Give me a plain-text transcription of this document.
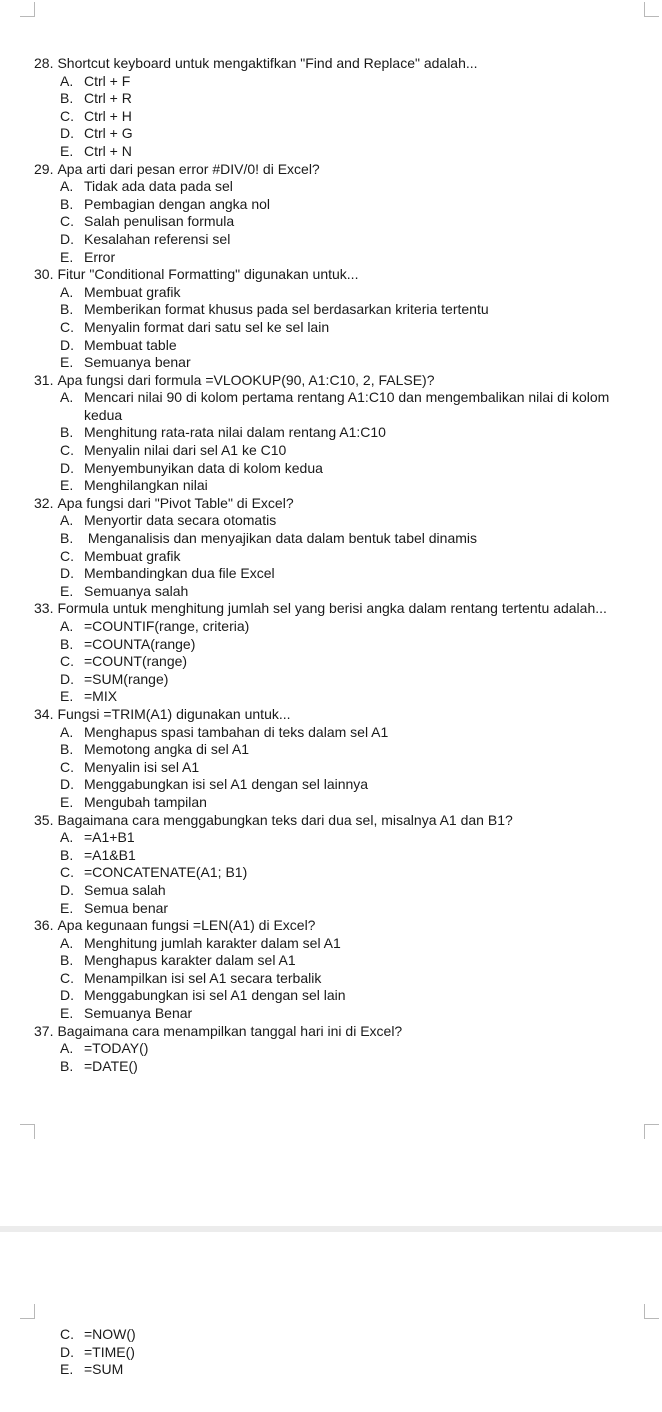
28. Shortcut keyboard untuk mengaktifkan "Find and Replace" adalah...
A. Ctrl + F
B. Ctrl + R
C. Ctrl + H
D. Ctrl + G
E. Ctrl + N
29. Apa arti dari pesan error #DIV/0! di Excel?
A. Tidak ada data pada sel
B. Pembagian dengan angka nol
C. Salah penulisan formula
D. Kesalahan referensi sel
E. Error
30. Fitur "Conditional Formatting" digunakan untuk...
A. Membuat grafik
B. Memberikan format khusus pada sel berdasarkan kriteria tertentu
C. Menyalin format dari satu sel ke sel lain
D. Membuat table
E. Semuanya benar
31. Apa fungsi dari formula =VLOOKUP(90, A1:C10, 2, FALSE)?
A. Mencari nilai 90 di kolom pertama rentang A1:C10 dan mengembalikan nilai di kolom kedua
B. Menghitung rata-rata nilai dalam rentang A1:C10
C. Menyalin nilai dari sel A1 ke C10
D. Menyembunyikan data di kolom kedua
E. Menghilangkan nilai
32. Apa fungsi dari "Pivot Table" di Excel?
A. Menyortir data secara otomatis
B. Menganalisis dan menyajikan data dalam bentuk tabel dinamis
C. Membuat grafik
D. Membandingkan dua file Excel
E. Semuanya salah
33. Formula untuk menghitung jumlah sel yang berisi angka dalam rentang tertentu adalah...
A. =COUNTIF(range, criteria)
B. =COUNTA(range)
C. =COUNT(range)
D. =SUM(range)
E. =MIX
34. Fungsi =TRIM(A1) digunakan untuk...
A. Menghapus spasi tambahan di teks dalam sel A1
B. Memotong angka di sel A1
C. Menyalin isi sel A1
D. Menggabungkan isi sel A1 dengan sel lainnya
E. Mengubah tampilan
35. Bagaimana cara menggabungkan teks dari dua sel, misalnya A1 dan B1?
A. =A1+B1
B. =A1&B1
C. =CONCATENATE(A1; B1)
D. Semua salah
E. Semua benar
36. Apa kegunaan fungsi =LEN(A1) di Excel?
A. Menghitung jumlah karakter dalam sel A1
B. Menghapus karakter dalam sel A1
C. Menampilkan isi sel A1 secara terbalik
D. Menggabungkan isi sel A1 dengan sel lain
E. Semuanya Benar
37. Bagaimana cara menampilkan tanggal hari ini di Excel?
A. =TODAY()
B. =DATE()
C. =NOW()
D. =TIME()
E. =SUM
